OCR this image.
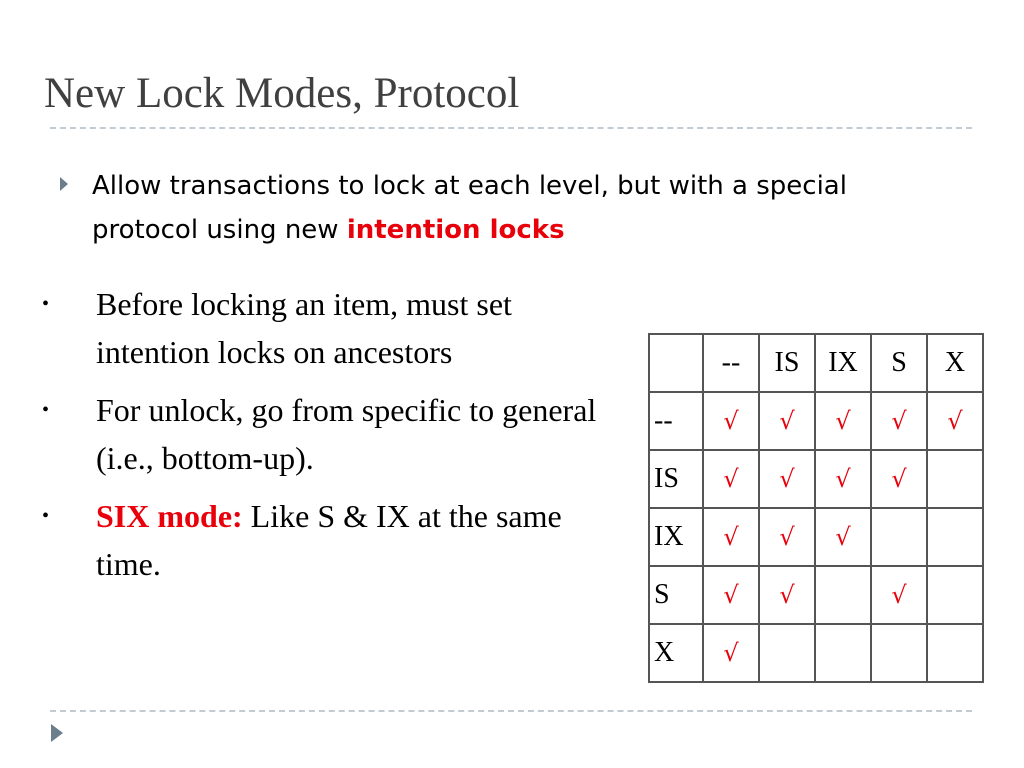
New Lock Modes, Protocol
Allow transactions to lock at each level, but with a special protocol using new intention locks
• Before locking an item, must set intention locks on ancestors
• For unlock, go from specific to general (i.e., bottom-up).
• SIX mode: Like S & IX at the same time.
	--	IS	IX	S	X
--	√	√	√	√	√
IS	√	√	√	√	
IX	√	√	√		
S	√	√		√	
X	√				
